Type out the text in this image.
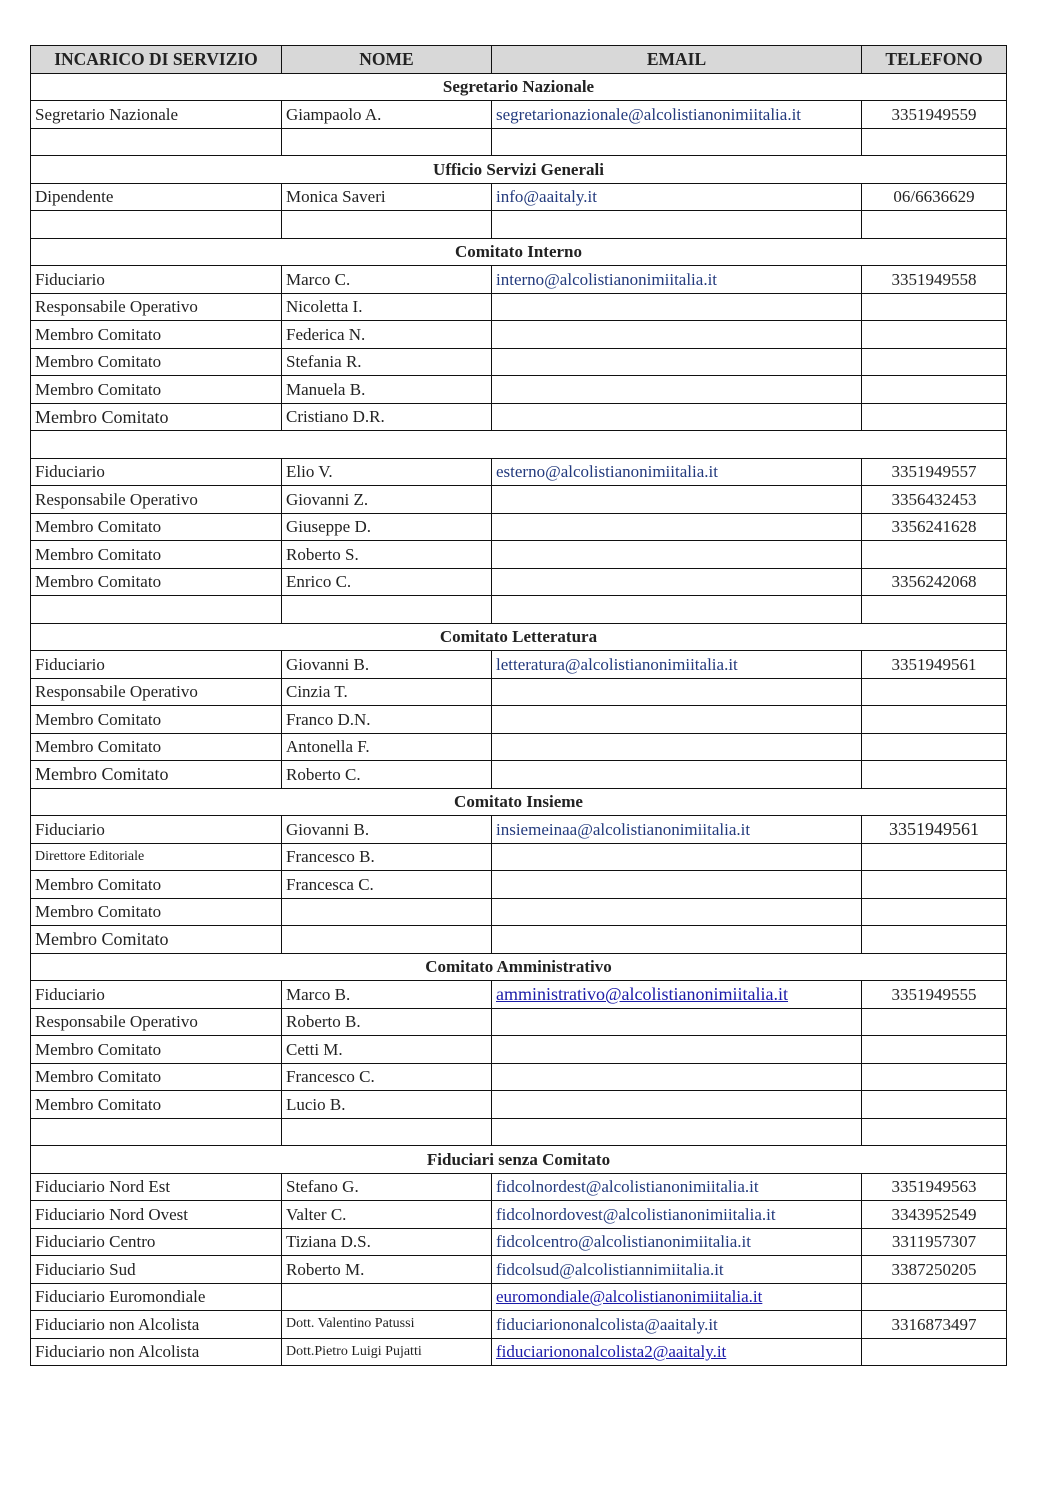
INCARICO DI SERVIZIO	NOME	EMAIL	TELEFONO
Segretario Nazionale			
Segretario Nazionale	Giampaolo A.	segretarionazionale@alcolistianonimiitalia.it	3351949559

Ufficio Servizi Generali			
Dipendente	Monica Saveri	info@aaitaly.it	06/6636629

Comitato Interno			
Fiduciario	Marco C.	interno@alcolistianonimiitalia.it	3351949558
Responsabile Operativo	Nicoletta I.		
Membro Comitato	Federica N.		
Membro Comitato	Stefania R.		
Membro Comitato	Manuela B.		
Membro Comitato	Cristiano D.R.		

Fiduciario	Elio V.	esterno@alcolistianonimiitalia.it	3351949557
Responsabile Operativo	Giovanni Z.		3356432453
Membro Comitato	Giuseppe D.		3356241628
Membro Comitato	Roberto S.		
Membro Comitato	Enrico C.		3356242068

Comitato Letteratura			
Fiduciario	Giovanni B.	letteratura@alcolistianonimiitalia.it	3351949561
Responsabile Operativo	Cinzia T.		
Membro Comitato	Franco D.N.		
Membro Comitato	Antonella F.		
Membro Comitato	Roberto C.		
Comitato Insieme			
Fiduciario	Giovanni B.	insiemeinaa@alcolistianonimiitalia.it	3351949561
Direttore Editoriale	Francesco B.		
Membro Comitato	Francesca C.		
Membro Comitato			
Membro Comitato			
Comitato Amministrativo			
Fiduciario	Marco B.	amministrativo@alcolistianonimiitalia.it	3351949555
Responsabile Operativo	Roberto B.		
Membro Comitato	Cetti M.		
Membro Comitato	Francesco C.		
Membro Comitato	Lucio B.		

Fiduciari senza Comitato			
Fiduciario Nord Est	Stefano G.	fidcolnordest@alcolistianonimiitalia.it	3351949563
Fiduciario Nord Ovest	Valter C.	fidcolnordovest@alcolistianonimiitalia.it	3343952549
Fiduciario Centro	Tiziana D.S.	fidcolcentro@alcolistianonimiitalia.it	3311957307
Fiduciario Sud	Roberto M.	fidcolsud@alcolistiannimiitalia.it	3387250205
Fiduciario Euromondiale		euromondiale@alcolistianonimiitalia.it	
Fiduciario non Alcolista	Dott. Valentino Patussi	fiduciariononalcolista@aaitaly.it	3316873497
Fiduciario non Alcolista	Dott.Pietro Luigi Pujatti	fiduciariononalcolista2@aaitaly.it	
